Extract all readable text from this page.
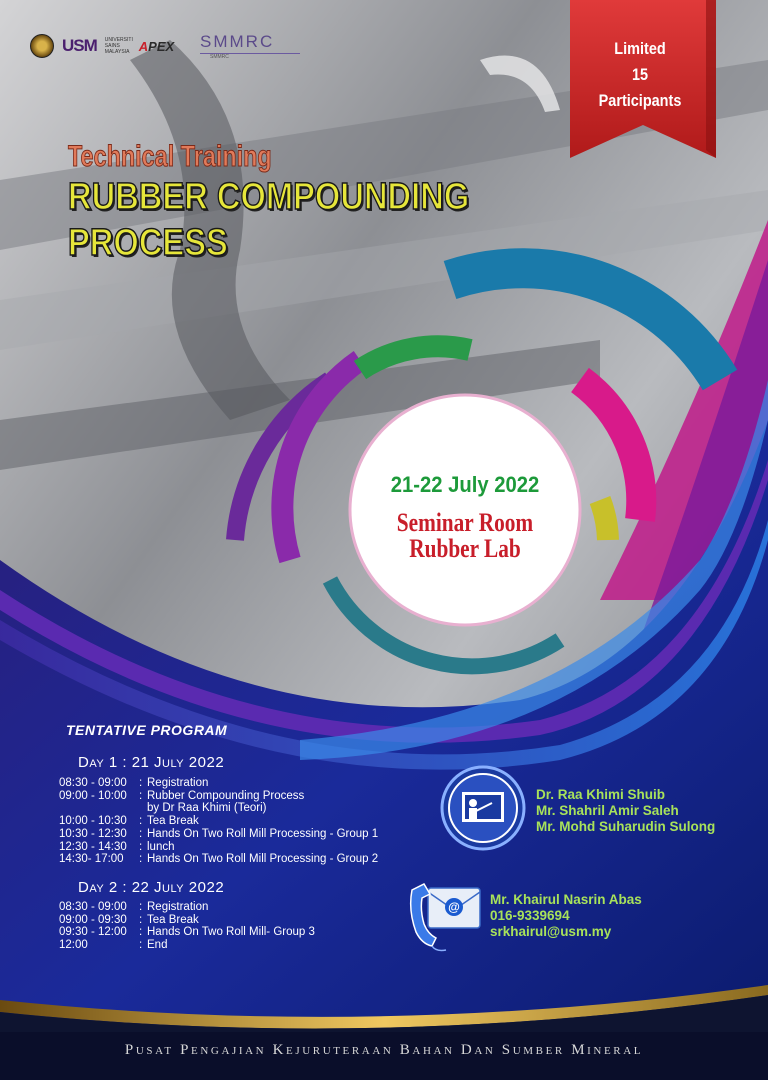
USM UNIVERSITI SAINS MALAYSIA APEX SMMRC
SMMRC	Limited
15
Participants
Technical Training
RUBBER COMPOUNDING
PROCESS
21-22 July 2022
Seminar Room
Rubber Lab
TENTATIVE PROGRAM
Day 1 : 21 July 2022
08:30 - 09:00	: Registration
09:00 - 10:00	: Rubber Compounding Process
by Dr Raa Khimi (Teori)
10:00 - 10:30	: Tea Break
10:30 - 12:30	: Hands On Two Roll Mill Processing - Group 1
12:30 - 14:30	: lunch
14:30- 17:00	: Hands On Two Roll Mill Processing - Group 2
Day 2 : 22 July 2022
08:30 - 09:00	: Registration
09:00 - 09:30	: Tea Break
09:30 - 12:00	: Hands On Two Roll Mill- Group 3
12:00	: End
Dr. Raa Khimi Shuib
Mr. Shahril Amir Saleh
Mr. Mohd Suharudin Sulong
@ Mr. Khairul Nasrin Abas
016-9339694
srkhairul@usm.my
Pusat Pengajian Kejuruteraan Bahan Dan Sumber Mineral
